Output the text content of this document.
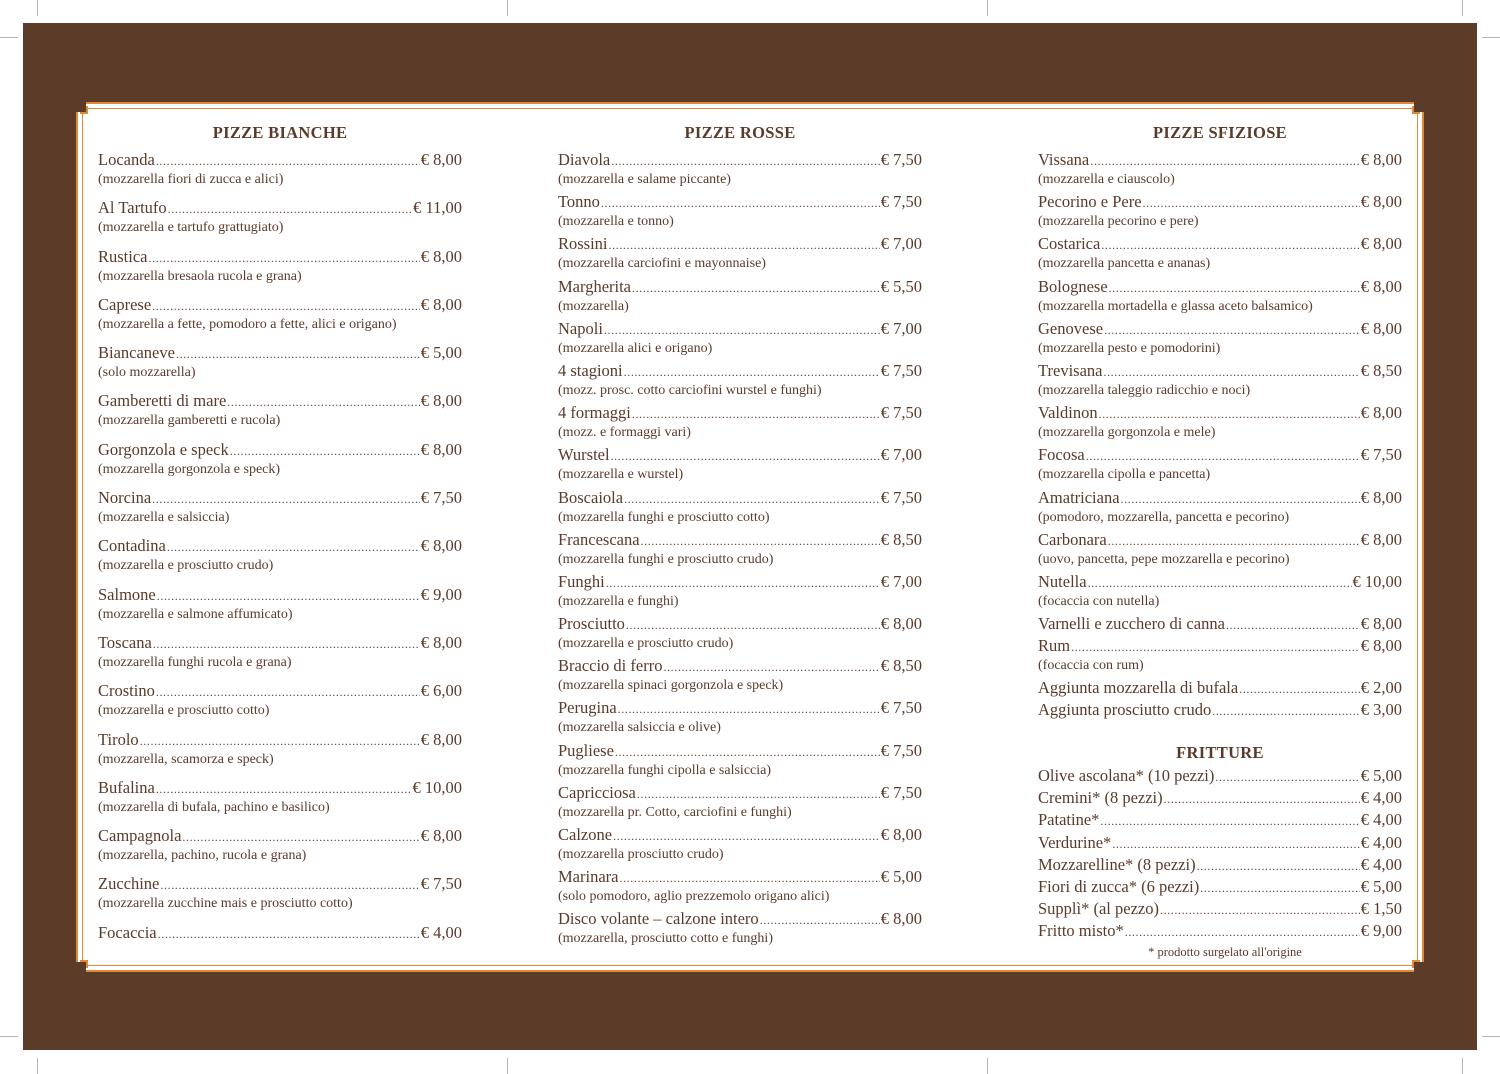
PIZZE BIANCHE
Locanda .....	€ 8,00
(mozzarella fiori di zucca e alici)
Al Tartufo .....	€ 11,00
(mozzarella e tartufo grattugiato)
Rustica .....	€ 8,00
(mozzarella bresaola rucola e grana)
Caprese .....	€ 8,00
(mozzarella a fette, pomodoro a fette, alici e origano)
Biancaneve .....	€ 5,00
(solo mozzarella)
Gamberetti di mare .....	€ 8,00
(mozzarella gamberetti e rucola)
Gorgonzola e speck .....	€ 8,00
(mozzarella gorgonzola e speck)
Norcina .....	€ 7,50
(mozzarella e salsiccia)
Contadina .....	€ 8,00
(mozzarella e prosciutto crudo)
Salmone .....	€ 9,00
(mozzarella e salmone affumicato)
Toscana .....	€ 8,00
(mozzarella funghi rucola e grana)
Crostino .....	€ 6,00
(mozzarella e prosciutto cotto)
Tirolo .....	€ 8,00
(mozzarella, scamorza e speck)
Bufalina .....	€ 10,00
(mozzarella di bufala, pachino e basilico)
Campagnola .....	€ 8,00
(mozzarella, pachino, rucola e grana)
Zucchine .....	€ 7,50
(mozzarella zucchine mais e prosciutto cotto)
Focaccia .....	€ 4,00
PIZZE ROSSE
Diavola .....	€ 7,50
(mozzarella e salame piccante)
Tonno .....	€ 7,50
(mozzarella e tonno)
Rossini .....	€ 7,00
(mozzarella carciofini e mayonnaise)
Margherita .....	€ 5,50
(mozzarella)
Napoli .....	€ 7,00
(mozzarella alici e origano)
4 stagioni .....	€ 7,50
(mozz. prosc. cotto carciofini wurstel e funghi)
4 formaggi .....	€ 7,50
(mozz. e formaggi vari)
Wurstel .....	€ 7,00
(mozzarella e wurstel)
Boscaiola .....	€ 7,50
(mozzarella funghi e prosciutto cotto)
Francescana .....	€ 8,50
(mozzarella funghi e prosciutto crudo)
Funghi .....	€ 7,00
(mozzarella e funghi)
Prosciutto .....	€ 8,00
(mozzarella e prosciutto crudo)
Braccio di ferro .....	€ 8,50
(mozzarella spinaci gorgonzola e speck)
Perugina .....	€ 7,50
(mozzarella salsiccia e olive)
Pugliese .....	€ 7,50
(mozzarella funghi cipolla e salsiccia)
Capricciosa .....	€ 7,50
(mozzarella pr. Cotto, carciofini e funghi)
Calzone .....	€ 8,00
(mozzarella prosciutto crudo)
Marinara .....	€ 5,00
(solo pomodoro, aglio prezzemolo origano alici)
Disco volante – calzone intero .....	€ 8,00
(mozzarella, prosciutto cotto e funghi)
PIZZE SFIZIOSE
Vissana .....	€ 8,00
(mozzarella e ciauscolo)
Pecorino e Pere .....	€ 8,00
(mozzarella pecorino e pere)
Costarica .....	€ 8,00
(mozzarella pancetta e ananas)
Bolognese .....	€ 8,00
(mozzarella mortadella e glassa aceto balsamico)
Genovese .....	€ 8,00
(mozzarella pesto e pomodorini)
Trevisana .....	€ 8,50
(mozzarella taleggio radicchio e noci)
Valdinon .....	€ 8,00
(mozzarella gorgonzola e mele)
Focosa .....	€ 7,50
(mozzarella cipolla e pancetta)
Amatriciana .....	€ 8,00
(pomodoro, mozzarella, pancetta e pecorino)
Carbonara .....	€ 8,00
(uovo, pancetta, pepe mozzarella e pecorino)
Nutella .....	€ 10,00
(focaccia con nutella)
Varnelli e zucchero di canna .....	€ 8,00
Rum .....	€ 8,00
(focaccia con rum)
Aggiunta mozzarella di bufala .....	€ 2,00
Aggiunta prosciutto crudo .....	€ 3,00
FRITTURE
Olive ascolana* (10 pezzi) .....	€ 5,00
Cremini* (8 pezzi) .....	€ 4,00
Patatine* .....	€ 4,00
Verdurine* .....	€ 4,00
Mozzarelline* (8 pezzi) .....	€ 4,00
Fiori di zucca* (6 pezzi) .....	€ 5,00
Supplì* (al pezzo) .....	€ 1,50
Fritto misto* .....	€ 9,00
* prodotto surgelato all'origine
